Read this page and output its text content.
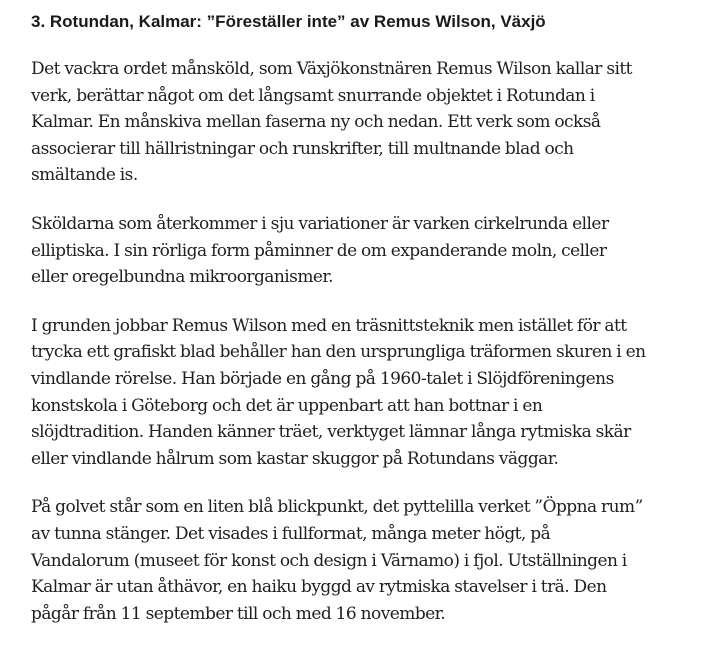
3. Rotundan, Kalmar: ”Föreställer inte” av Remus Wilson, Växjö

Det vackra ordet månsköld, som Växjökonstnären Remus Wilson kallar sitt
verk, berättar något om det långsamt snurrande objektet i Rotundan i
Kalmar. En månskiva mellan faserna ny och nedan. Ett verk som också
associerar till hällristningar och runskrifter, till multnande blad och
smältande is.

Sköldarna som återkommer i sju variationer är varken cirkelrunda eller
elliptiska. I sin rörliga form påminner de om expanderande moln, celler
eller oregelbundna mikroorganismer.

I grunden jobbar Remus Wilson med en träsnittsteknik men istället för att
trycka ett grafiskt blad behåller han den ursprungliga träformen skuren i en
vindlande rörelse. Han började en gång på 1960-talet i Slöjdföreningens
konstskola i Göteborg och det är uppenbart att han bottnar i en
slöjdtradition. Handen känner träet, verktyget lämnar långa rytmiska skär
eller vindlande hålrum som kastar skuggor på Rotundans väggar.

På golvet står som en liten blå blickpunkt, det pyttelilla verket ”Öppna rum”
av tunna stänger. Det visades i fullformat, många meter högt, på
Vandalorum (museet för konst och design i Värnamo) i fjol. Utställningen i
Kalmar är utan åthävor, en haiku byggd av rytmiska stavelser i trä. Den
pågår från 11 september till och med 16 november.
